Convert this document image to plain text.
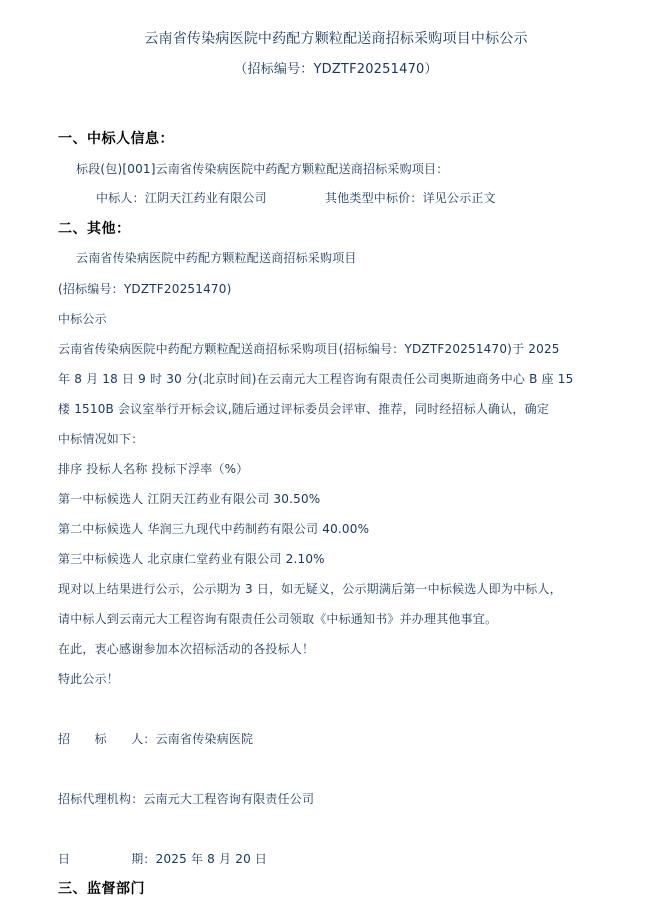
云南省传染病医院中药配方颗粒配送商招标采购项目中标公示
（招标编号：YDZTF20251470）
一、中标人信息：
标段(包)[001]云南省传染病医院中药配方颗粒配送商招标采购项目：
中标人：江阴天江药业有限公司	其他类型中标价：详见公示正文
二、其他：
云南省传染病医院中药配方颗粒配送商招标采购项目
(招标编号：YDZTF20251470)
中标公示
云南省传染病医院中药配方颗粒配送商招标采购项目(招标编号：YDZTF20251470)于 2025
年 8 月 18 日 9 时 30 分(北京时间)在云南元大工程咨询有限责任公司奥斯迪商务中心 B 座 15
楼 1510B 会议室举行开标会议,随后通过评标委员会评审、推荐，同时经招标人确认，确定
中标情况如下：
排序 投标人名称 投标下浮率（%）
第一中标候选人 江阴天江药业有限公司 30.50%
第二中标候选人 华润三九现代中药制药有限公司 40.00%
第三中标候选人 北京康仁堂药业有限公司 2.10%
现对以上结果进行公示，公示期为 3 日，如无疑义，公示期满后第一中标候选人即为中标人，
请中标人到云南元大工程咨询有限责任公司领取《中标通知书》并办理其他事宜。
在此，衷心感谢参加本次招标活动的各投标人！
特此公示！
招　　标　　人：云南省传染病医院
招标代理机构：云南元大工程咨询有限责任公司
日　　　　　期：2025 年 8 月 20 日
三、监督部门
